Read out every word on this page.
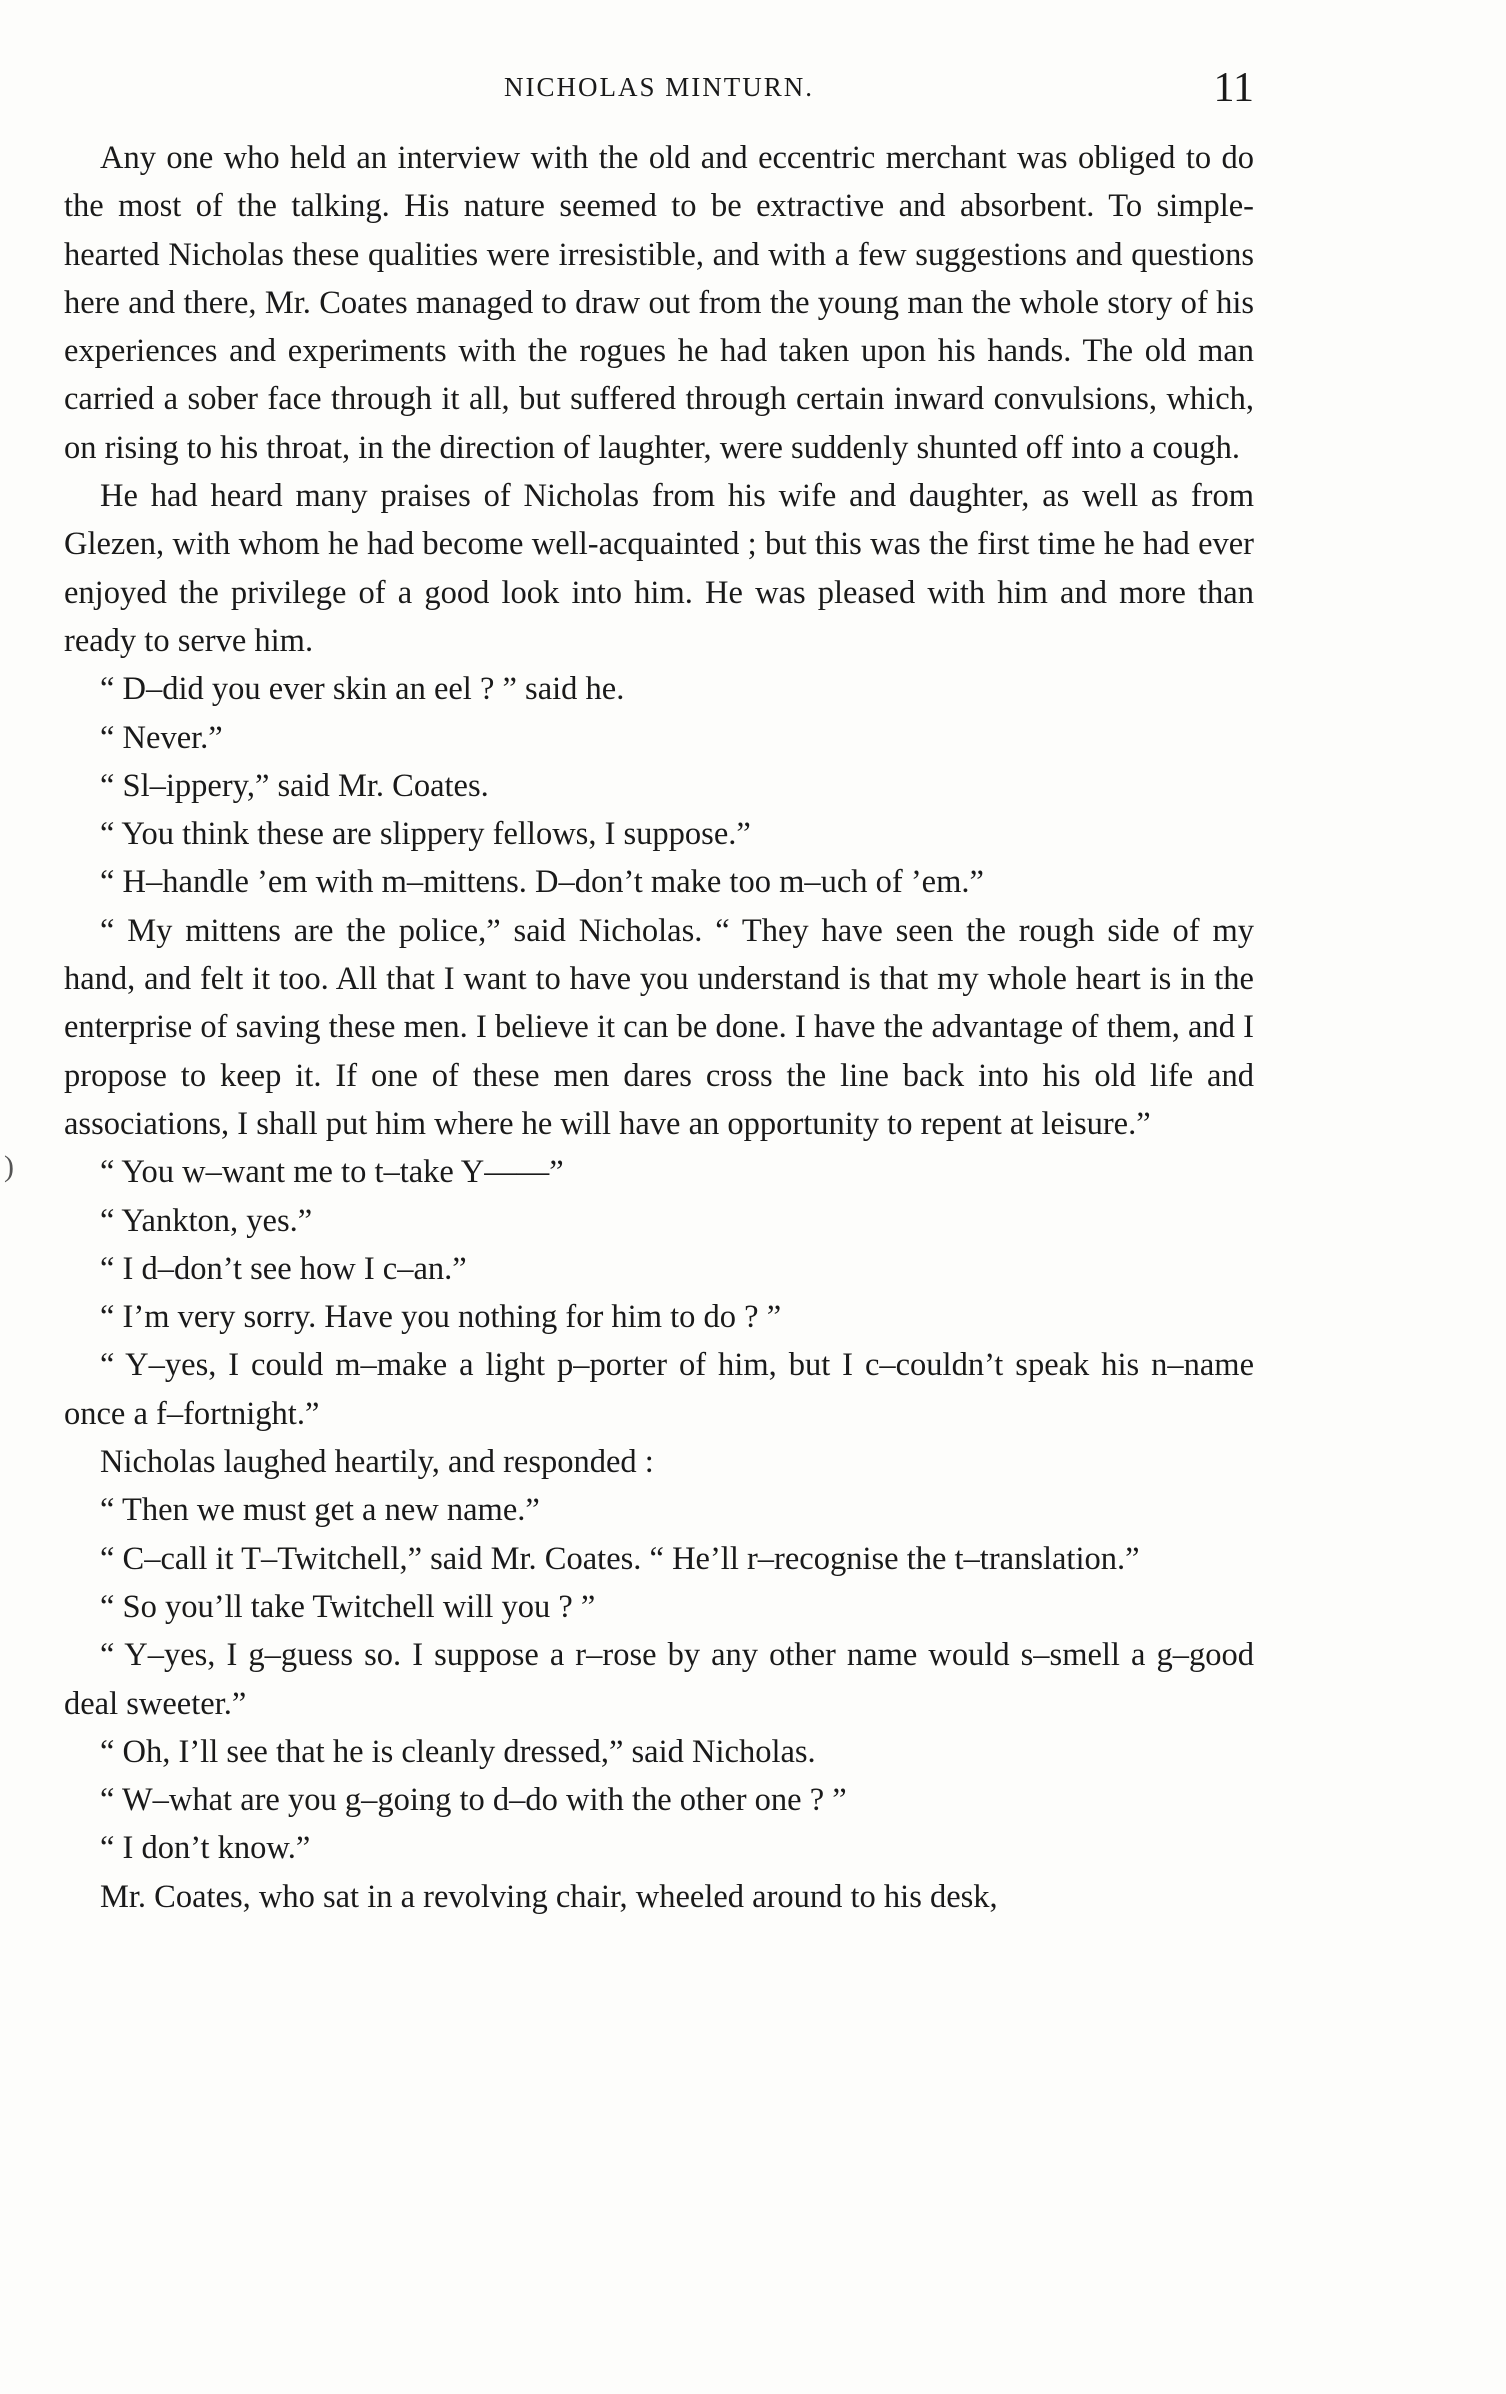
NICHOLAS MINTURN.	11

Any one who held an interview with the old and eccentric merchant was obliged to do the most of the talking. His nature seemed to be extractive and absorbent. To simple-hearted Nicholas these qualities were irresistible, and with a few suggestions and questions here and there, Mr. Coates managed to draw out from the young man the whole story of his experiences and experiments with the rogues he had taken upon his hands. The old man carried a sober face through it all, but suffered through certain inward convulsions, which, on rising to his throat, in the direction of laughter, were suddenly shunted off into a cough.

He had heard many praises of Nicholas from his wife and daughter, as well as from Glezen, with whom he had become well-acquainted ; but this was the first time he had ever enjoyed the privilege of a good look into him. He was pleased with him and more than ready to serve him.

“ D–did you ever skin an eel ? ” said he.

“ Never.”

“ Sl–ippery,” said Mr. Coates.

“ You think these are slippery fellows, I suppose.”

“ H–handle ’em with m–mittens. D–don’t make too m–uch of ’em.”

“ My mittens are the police,” said Nicholas. “ They have seen the rough side of my hand, and felt it too. All that I want to have you understand is that my whole heart is in the enterprise of saving these men. I believe it can be done. I have the advantage of them, and I propose to keep it. If one of these men dares cross the line back into his old life and associations, I shall put him where he will have an opportunity to repent at leisure.”

“ You w–want me to t–take Y——”

“ Yankton, yes.”

“ I d–don’t see how I c–an.”

“ I’m very sorry. Have you nothing for him to do ? ”

“ Y–yes, I could m–make a light p–porter of him, but I c–couldn’t speak his n–name once a f–fortnight.”

Nicholas laughed heartily, and responded :

“ Then we must get a new name.”

“ C–call it T–Twitchell,” said Mr. Coates. “ He’ll r–recognise the t–translation.”

“ So you’ll take Twitchell will you ? ”

“ Y–yes, I g–guess so. I suppose a r–rose by any other name would s–smell a g–good deal sweeter.”

“ Oh, I’ll see that he is cleanly dressed,” said Nicholas.

“ W–what are you g–going to d–do with the other one ? ”

“ I don’t know.”

Mr. Coates, who sat in a revolving chair, wheeled around to his desk,

)
